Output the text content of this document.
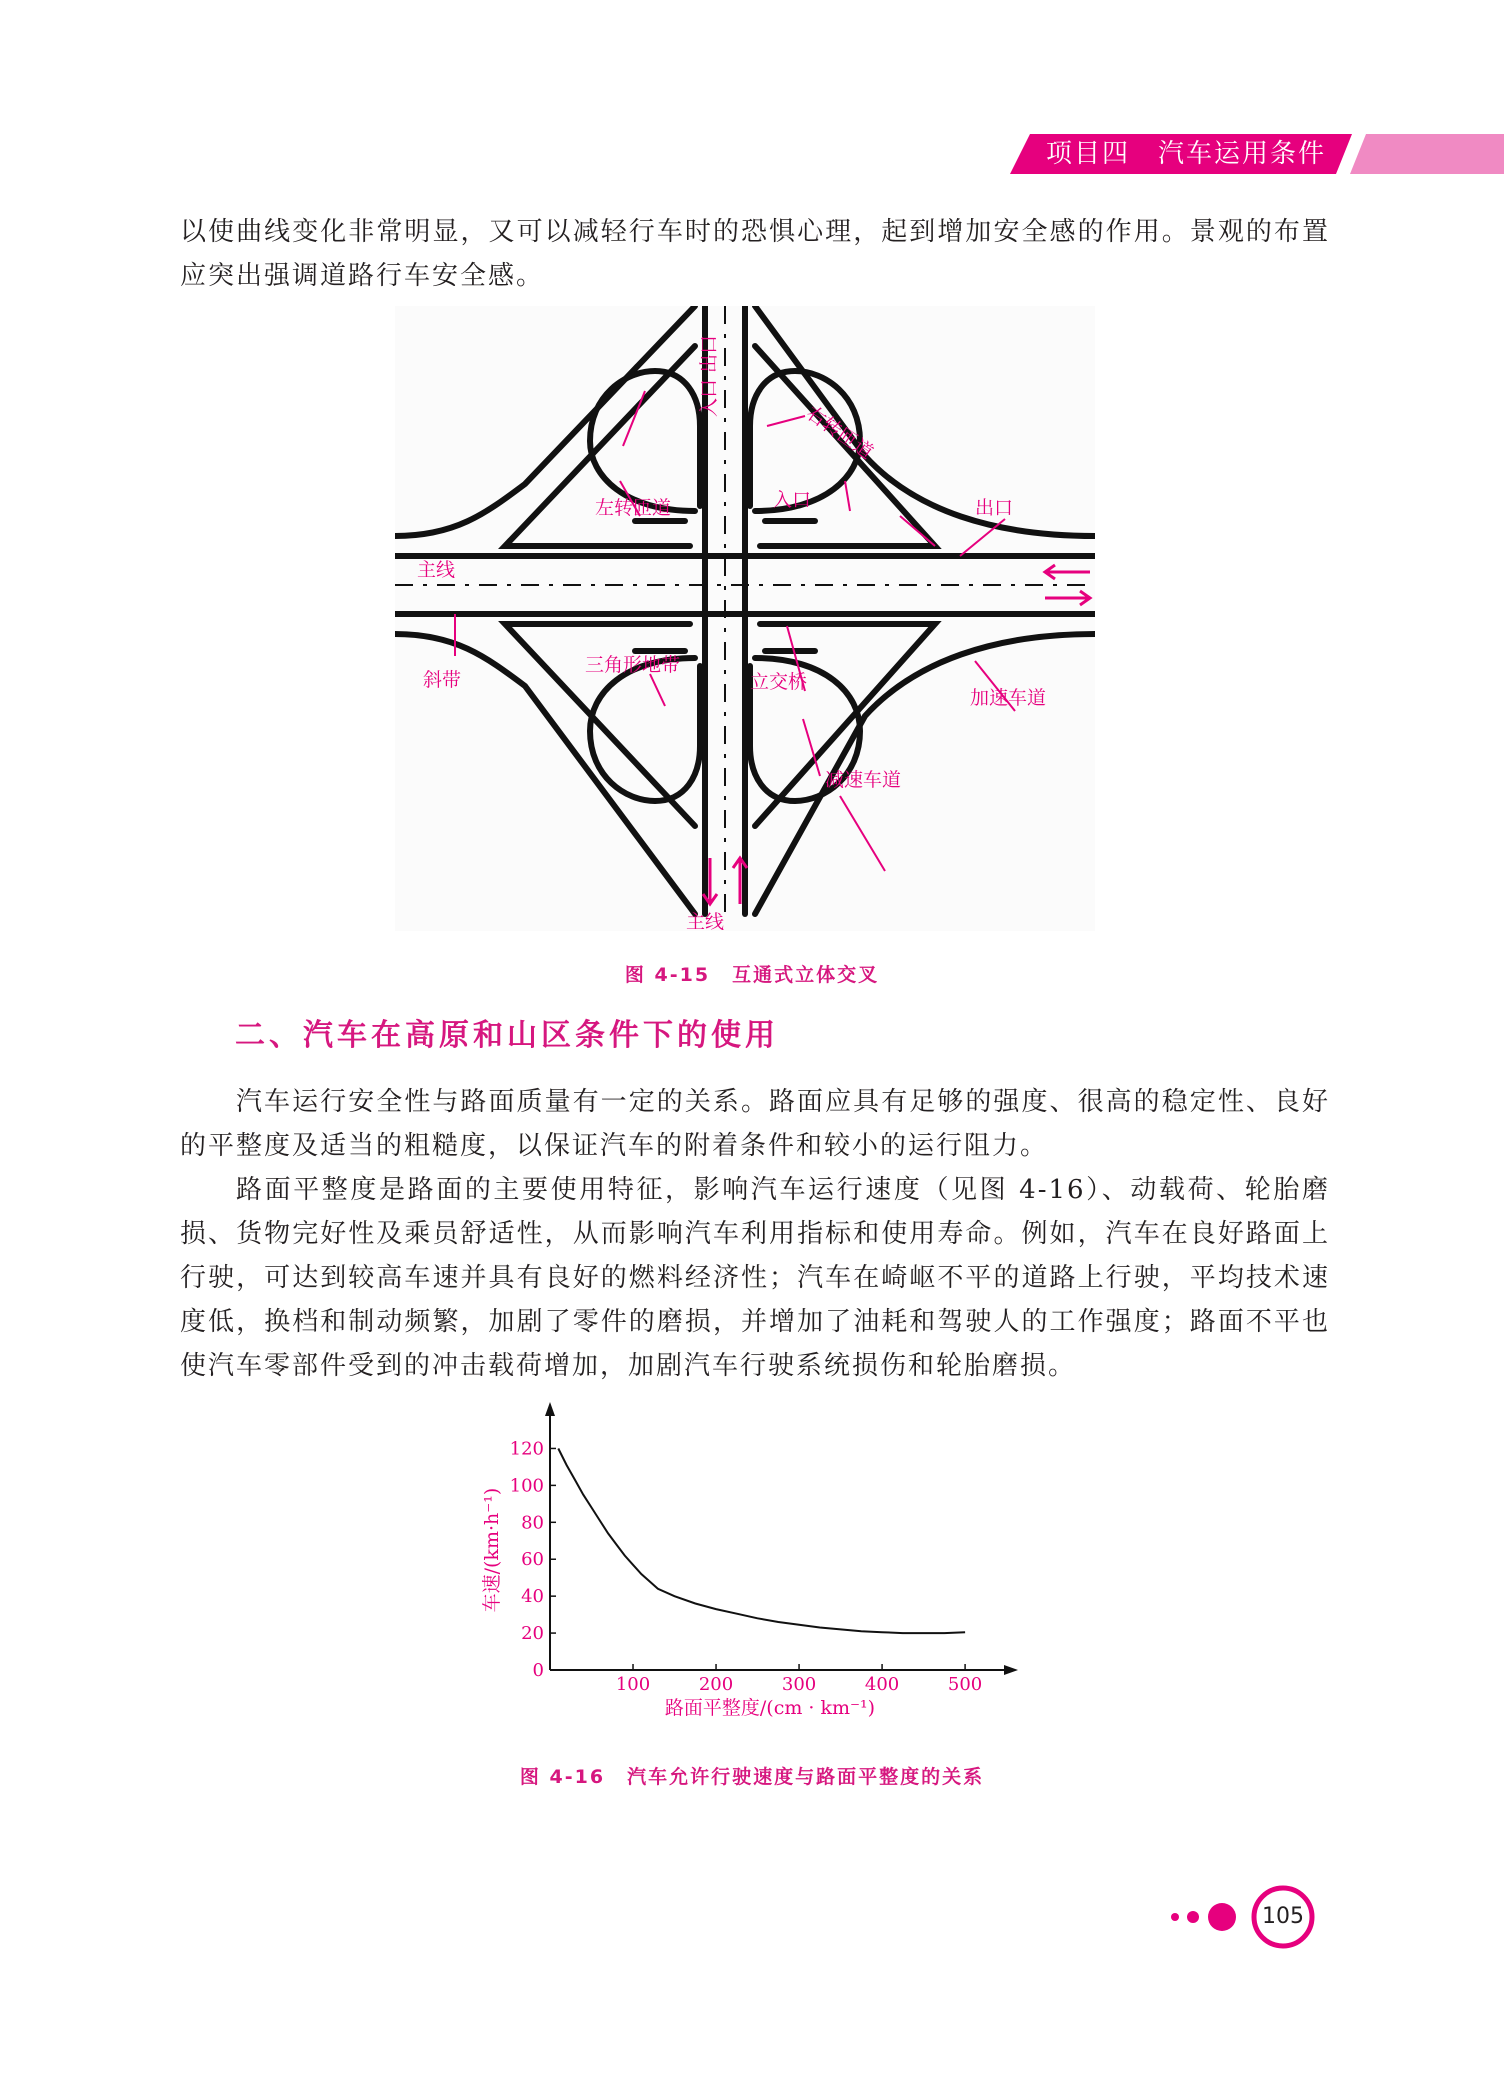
项目四 汽车运用条件

以使曲线变化非常明显，又可以减轻行车时的恐惧心理，起到增加安全感的作用。景观的布置应突出强调道路行车安全感。

入口 出口
右转匝道
左转匝道	入口	出口
主线
三角形地带
立交桥
斜带
加速车道
减速车道
主线
图 4-15 互通式立体交叉
二、汽车在高原和山区条件下的使用

汽车运行安全性与路面质量有一定的关系。路面应具有足够的强度、很高的稳定性、良好的平整度及适当的粗糙度，以保证汽车的附着条件和较小的运行阻力。

路面平整度是路面的主要使用特征，影响汽车运行速度（见图 4-16）、动载荷、轮胎磨损、货物完好性及乘员舒适性，从而影响汽车利用指标和使用寿命。例如，汽车在良好路面上行驶，可达到较高车速并具有良好的燃料经济性；汽车在崎岖不平的道路上行驶，平均技术速度低，换档和制动频繁，加剧了零件的磨损，并增加了油耗和驾驶人的工作强度；路面不平也使汽车零部件受到的冲击载荷增加，加剧汽车行驶系统损伤和轮胎磨损。

100	200	300	400	500
0
20
40
60
80
100
120
车速/(km·h⁻¹)
路面平整度/(cm · km⁻¹)
图 4-16 汽车允许行驶速度与路面平整度的关系
105
